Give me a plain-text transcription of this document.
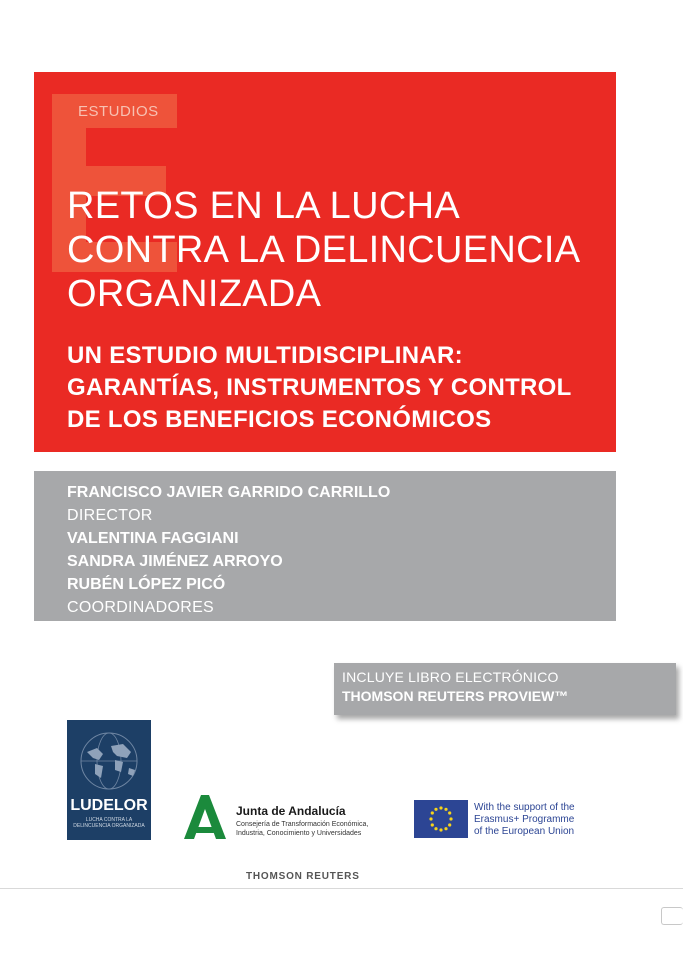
ESTUDIOS
RETOS EN LA LUCHA
CONTRA LA DELINCUENCIA
ORGANIZADA
UN ESTUDIO MULTIDISCIPLINAR:
GARANTÍAS, INSTRUMENTOS Y CONTROL
DE LOS BENEFICIOS ECONÓMICOS
FRANCISCO JAVIER GARRIDO CARRILLO
DIRECTOR
VALENTINA FAGGIANI
SANDRA JIMÉNEZ ARROYO
RUBÉN LÓPEZ PICÓ
COORDINADORES
INCLUYE LIBRO ELECTRÓNICO
THOMSON REUTERS PROVIEW™
LUDELOR
LUCHA CONTRA LA DELINCUENCIA ORGANIZADA
Junta de Andalucía
Consejería de Transformación Económica,
Industria, Conocimiento y Universidades
With the support of the
Erasmus+ Programme
of the European Union
THOMSON REUTERS
